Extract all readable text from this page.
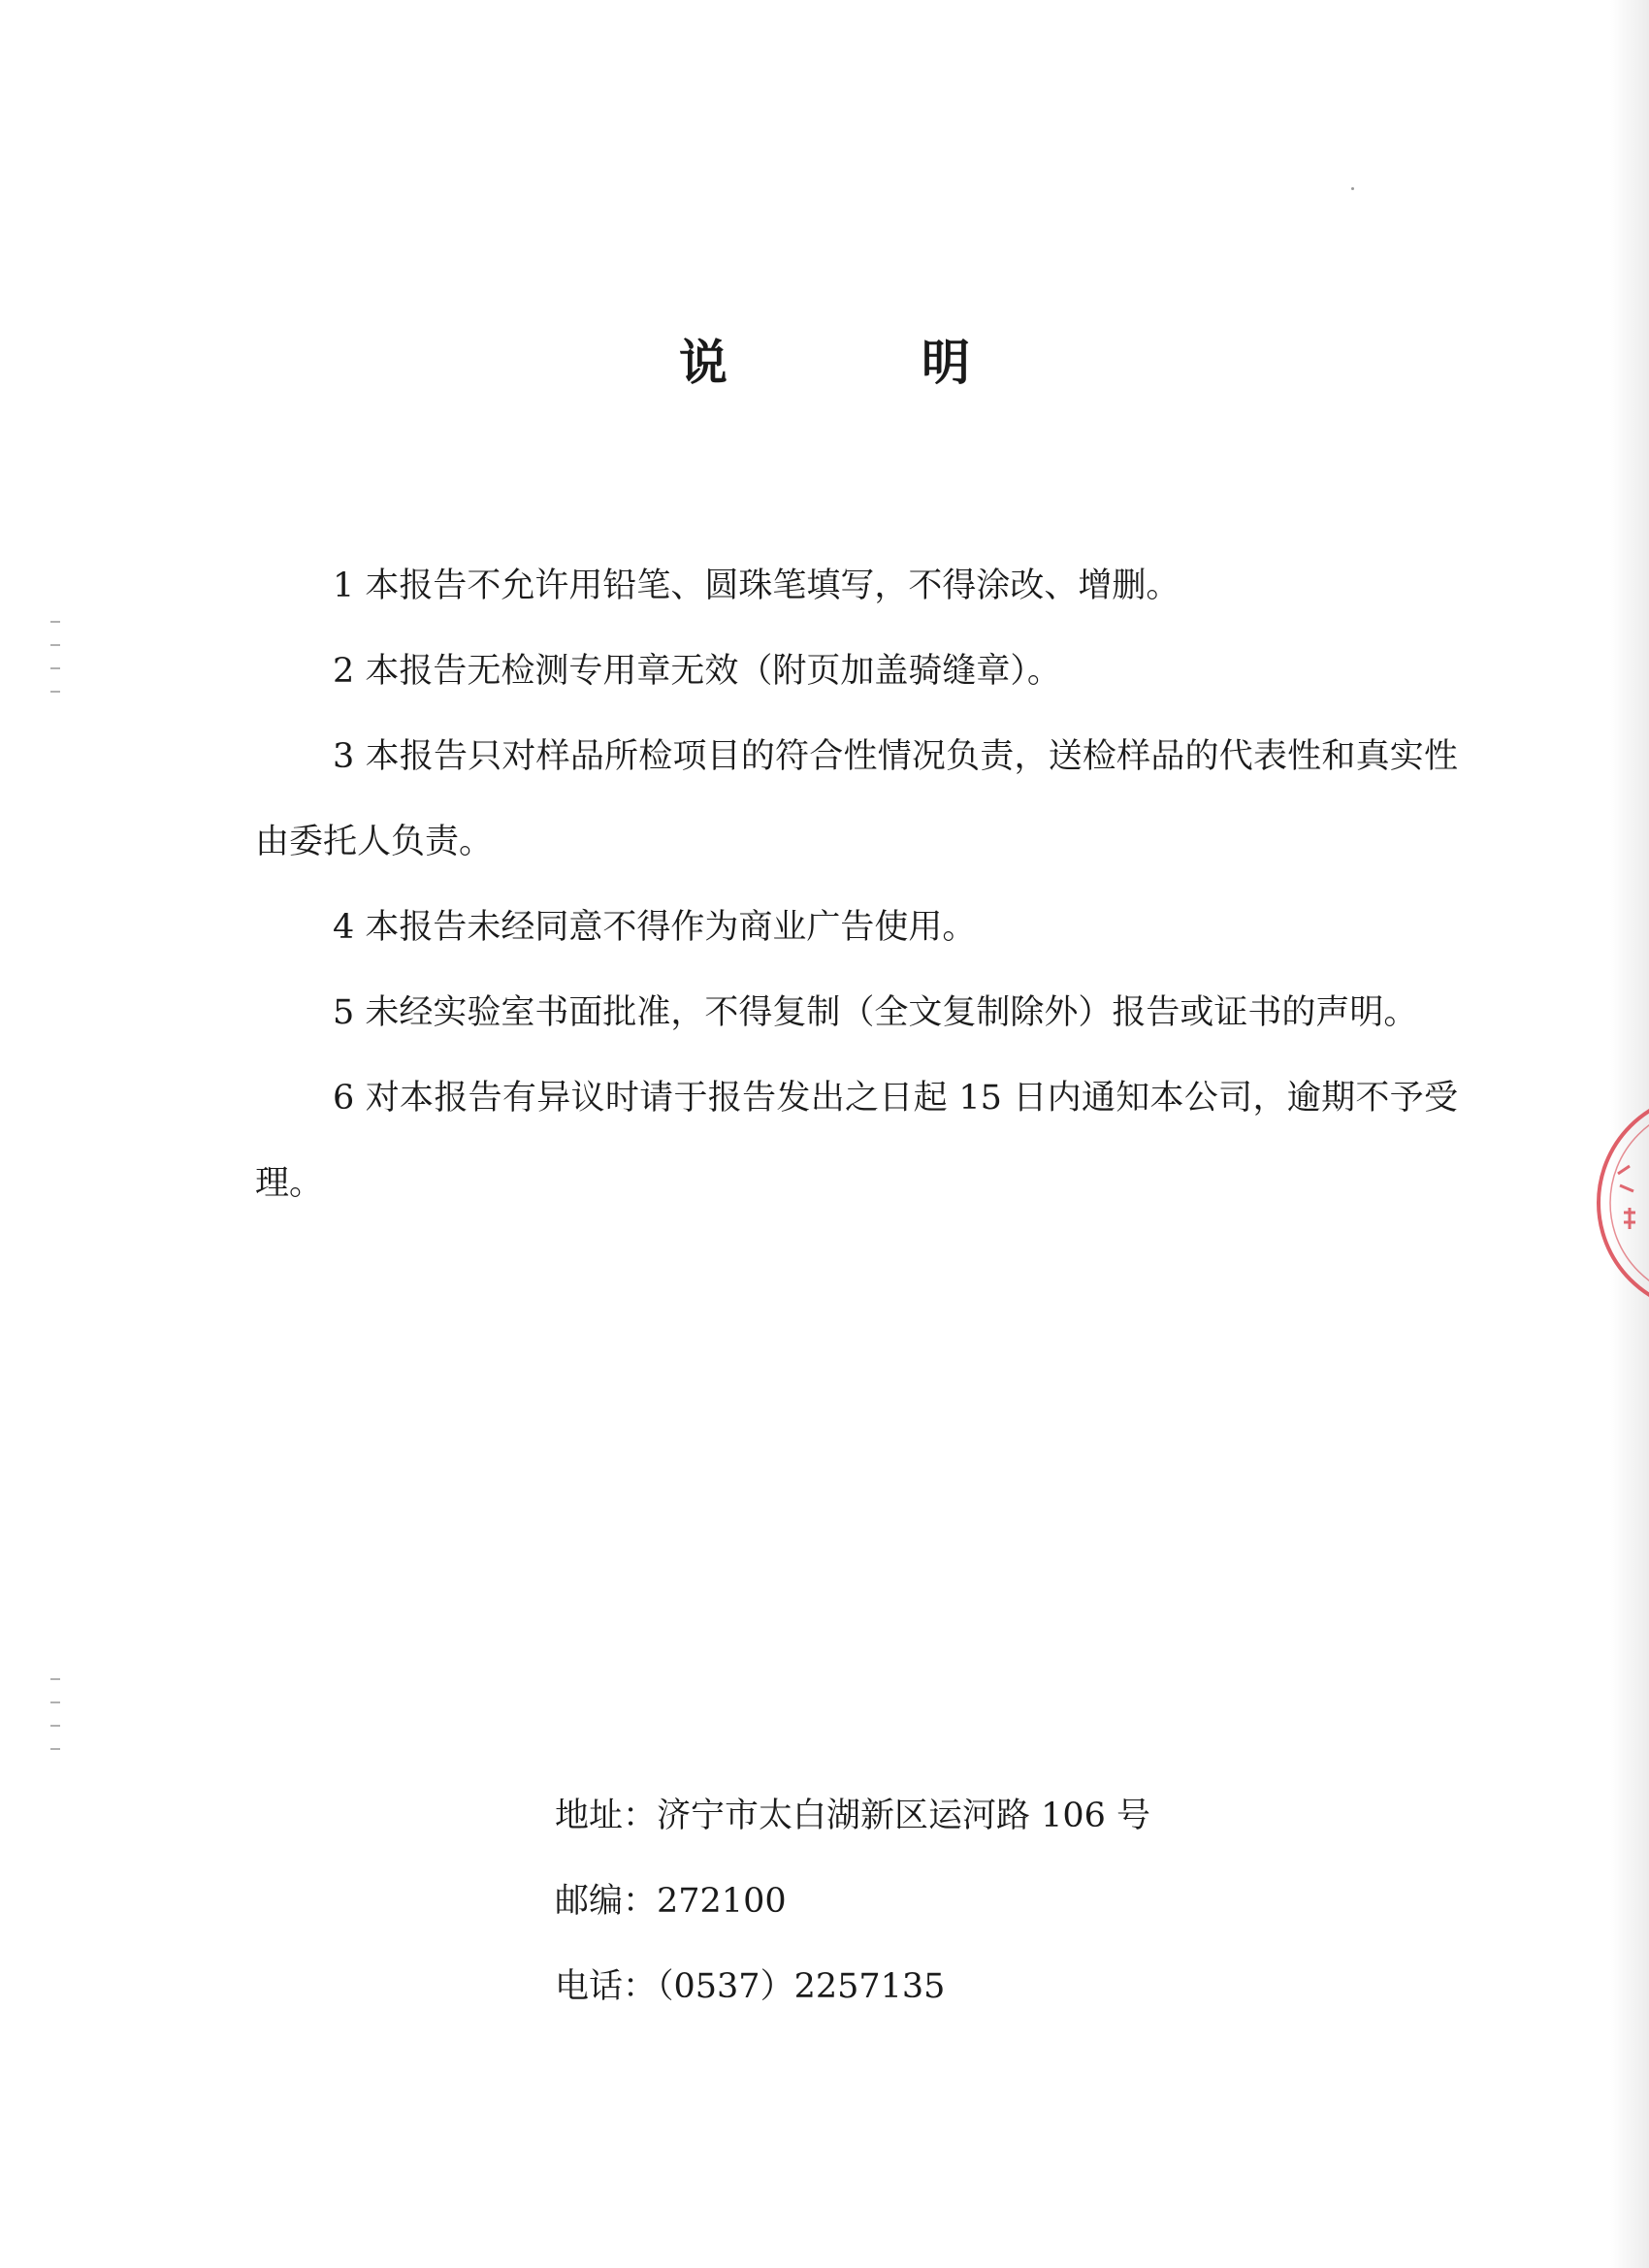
说	明

1 本报告不允许用铅笔、圆珠笔填写，不得涂改、增删。

2 本报告无检测专用章无效（附页加盖骑缝章）。

3 本报告只对样品所检项目的符合性情况负责，送检样品的代表性和真实性由委托人负责。

4 本报告未经同意不得作为商业广告使用。

5 未经实验室书面批准，不得复制（全文复制除外）报告或证书的声明。

6 对本报告有异议时请于报告发出之日起 15 日内通知本公司，逾期不予受理。

地址：济宁市太白湖新区运河路 106 号

邮编：272100

电话：（0537）2257135
